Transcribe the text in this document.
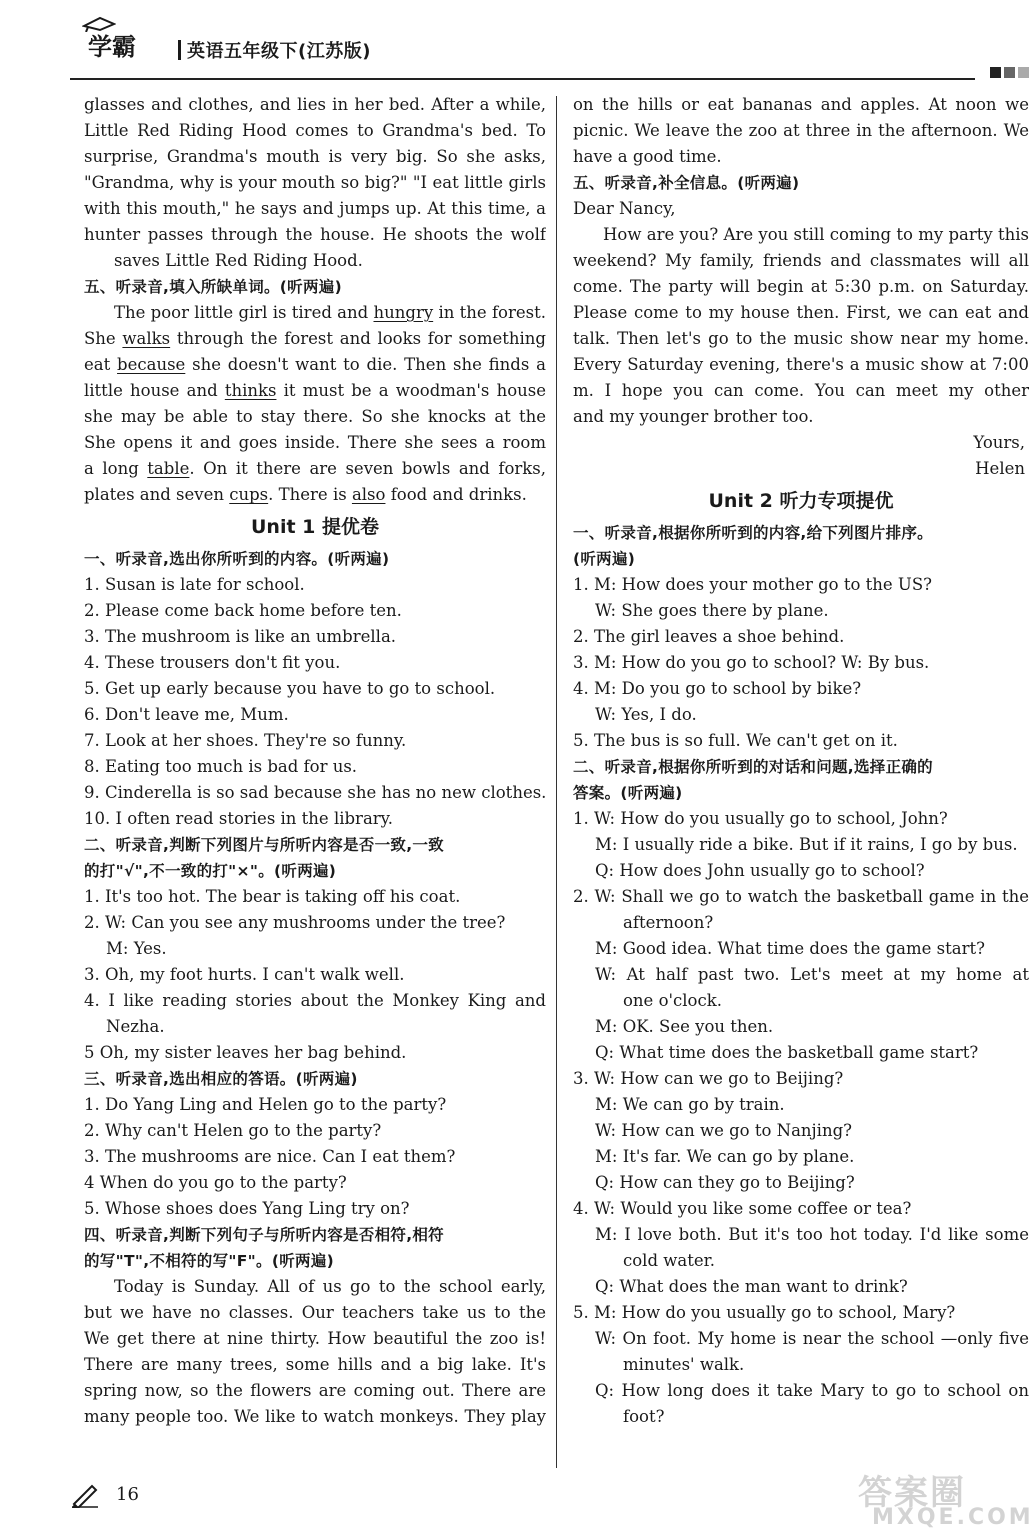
学霸	英语五年级下(江苏版)
glasses and clothes, and lies in her bed. After a while,
Little Red Riding Hood comes to Grandma's bed. To
surprise, Grandma's mouth is very big. So she asks,
"Grandma, why is your mouth so big?" "I eat little girls
with this mouth," he says and jumps up. At this time, a
hunter passes through the house. He shoots the wolf
saves Little Red Riding Hood.
五、听录音,填入所缺单词。(听两遍)
The poor little girl is tired and hungry in the forest.
She walks through the forest and looks for something
eat because she doesn't want to die. Then she finds a
little house and thinks it must be a woodman's house
she may be able to stay there. So she knocks at the
She opens it and goes inside. There she sees a room
a long table. On it there are seven bowls and forks,
plates and seven cups. There is also food and drinks.
Unit 1 提优卷
一、听录音,选出你所听到的内容。(听两遍)
1. Susan is late for school.
2. Please come back home before ten.
3. The mushroom is like an umbrella.
4. These trousers don't fit you.
5. Get up early because you have to go to school.
6. Don't leave me, Mum.
7. Look at her shoes. They're so funny.
8. Eating too much is bad for us.
9. Cinderella is so sad because she has no new clothes.
10. I often read stories in the library.
二、听录音,判断下列图片与所听内容是否一致,一致
的打"√",不一致的打"×"。(听两遍)
1. It's too hot. The bear is taking off his coat.
2. W: Can you see any mushrooms under the tree?
M: Yes.
3. Oh, my foot hurts. I can't walk well.
4. I like reading stories about the Monkey King and
Nezha.
5 Oh, my sister leaves her bag behind.
三、听录音,选出相应的答语。(听两遍)
1. Do Yang Ling and Helen go to the party?
2. Why can't Helen go to the party?
3. The mushrooms are nice. Can I eat them?
4 When do you go to the party?
5. Whose shoes does Yang Ling try on?
四、听录音,判断下列句子与所听内容是否相符,相符
的写"T",不相符的写"F"。(听两遍)
Today is Sunday. All of us go to the school early,
but we have no classes. Our teachers take us to the
We get there at nine thirty. How beautiful the zoo is!
There are many trees, some hills and a big lake. It's
spring now, so the flowers are coming out. There are
many people too. We like to watch monkeys. They play
on the hills or eat bananas and apples. At noon we
picnic. We leave the zoo at three in the afternoon. We
have a good time.
五、听录音,补全信息。(听两遍)
Dear Nancy,
How are you? Are you still coming to my party this
weekend? My family, friends and classmates will all
come. The party will begin at 5:30 p.m. on Saturday.
Please come to my house then. First, we can eat and
talk. Then let's go to the music show near my home.
Every Saturday evening, there's a music show at 7:00
m. I hope you can come. You can meet my other
and my younger brother too.
Yours,
Helen
Unit 2 听力专项提优
一、听录音,根据你所听到的内容,给下列图片排序。
(听两遍)
1. M: How does your mother go to the US?
W: She goes there by plane.
2. The girl leaves a shoe behind.
3. M: How do you go to school? W: By bus.
4. M: Do you go to school by bike?
W: Yes, I do.
5. The bus is so full. We can't get on it.
二、听录音,根据你所听到的对话和问题,选择正确的
答案。(听两遍)
1. W: How do you usually go to school, John?
M: I usually ride a bike. But if it rains, I go by bus.
Q: How does John usually go to school?
2. W: Shall we go to watch the basketball game in the
afternoon?
M: Good idea. What time does the game start?
W: At half past two. Let's meet at my home at
one o'clock.
M: OK. See you then.
Q: What time does the basketball game start?
3. W: How can we go to Beijing?
M: We can go by train.
W: How can we go to Nanjing?
M: It's far. We can go by plane.
Q: How can they go to Beijing?
4. W: Would you like some coffee or tea?
M: I love both. But it's too hot today. I'd like some
cold water.
Q: What does the man want to drink?
5. M: How do you usually go to school, Mary?
W: On foot. My home is near the school —only five
minutes' walk.
Q: How long does it take Mary to go to school on
foot?
16	答案圈
MXQE.COM
